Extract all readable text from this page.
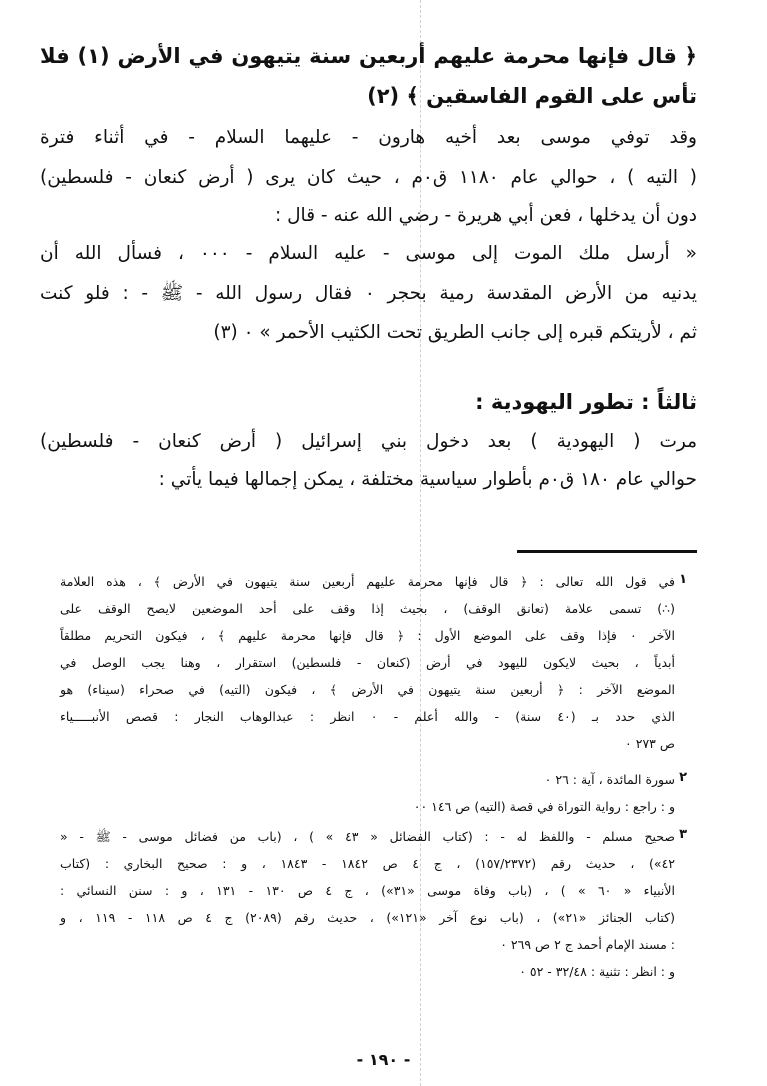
﴿ قال فإنها محرمة عليهم أربعين سنة يتيهون في الأرض (١) فلا
تأس على القوم الفاسقين ﴾ (٢)
وقد توفي موسى بعد أخيه هارون - عليهما السلام - في أثناء فترة
( التيه ) ، حوالي عام ١١٨٠ ق٠م ، حيث كان يرى ( أرض كنعان - فلسطين)
دون أن يدخلها ، فعن أبي هريرة - رضي الله عنه - قال :
« أرسل ملك الموت إلى موسى - عليه السلام - ٠٠٠ ، فسأل الله أن
يدنيه من الأرض المقدسة رمية بحجر ٠ فقال رسول الله - ﷺ - : فلو كنت
ثم ، لأريتكم قبره إلى جانب الطريق تحت الكثيب الأحمر » ٠ (٣)
ثالثاً : تطور اليهودية :
مرت ( اليهودية ) بعد دخول بني إسرائيل ( أرض كنعان - فلسطين)
حوالي عام ١٨٠ ق٠م بأطوار سياسية مختلفة ، يمكن إجمالها فيما يأتي :
١
في قول الله تعالى : ﴿ قال فإنها محرمة عليهم أربعين سنة يتيهون في الأرض ﴾ ، هذه العلامة
(∴) تسمى علامة (تعانق الوقف) ، بحيث إذا وقف على أحد الموضعين لايصح الوقف على
الآخر ٠ فإذا وقف على الموضع الأول : ﴿ قال فإنها محرمة عليهم ﴾ ، فيكون التحريم مطلقاً
أبدياً ، بحيث لايكون لليهود في أرض (كنعان - فلسطين) استقرار ، وهنا يجب الوصل في
الموضع الآخر : ﴿ أربعين سنة يتيهون في الأرض ﴾ ، فيكون (التيه) في صحراء (سيناء) هو
الذي حدد بـ (٤٠ سنة) - والله أعلم - ٠ انظر : عبدالوهاب النجار : قصص الأنبـــــياء
ص ٢٧٣ ٠
٢
سورة المائدة ، آية : ٢٦ ٠
و : راجع : رواية التوراة في قصة (التيه) ص ١٤٦ ٠٠
٣
صحيح مسلم - واللفظ له - : (كتاب الفضائل « ٤٣ » ) ، (باب من فضائل موسى - ﷺ - «
٤٢») ، حديث رقم (١٥٧/٢٣٧٢) ، ج ٤ ص ١٨٤٢ - ١٨٤٣ ، و : صحيح البخاري : (كتاب
الأنبياء « ٦٠ » ) ، (باب وفاة موسى «٣١») ، ج ٤ ص ١٣٠ - ١٣١ ، و : سنن النسائي :
(كتاب الجنائز «٢١») ، (باب نوع آخر «١٢١») ، حديث رقم (٢٠٨٩) ج ٤ ص ١١٨ - ١١٩ ، و
: مسند الإمام أحمد ج ٢ ص ٢٦٩ ٠
و : انظر : تثنية : ٣٢/٤٨ - ٥٢ ٠
- ١٩٠ -
